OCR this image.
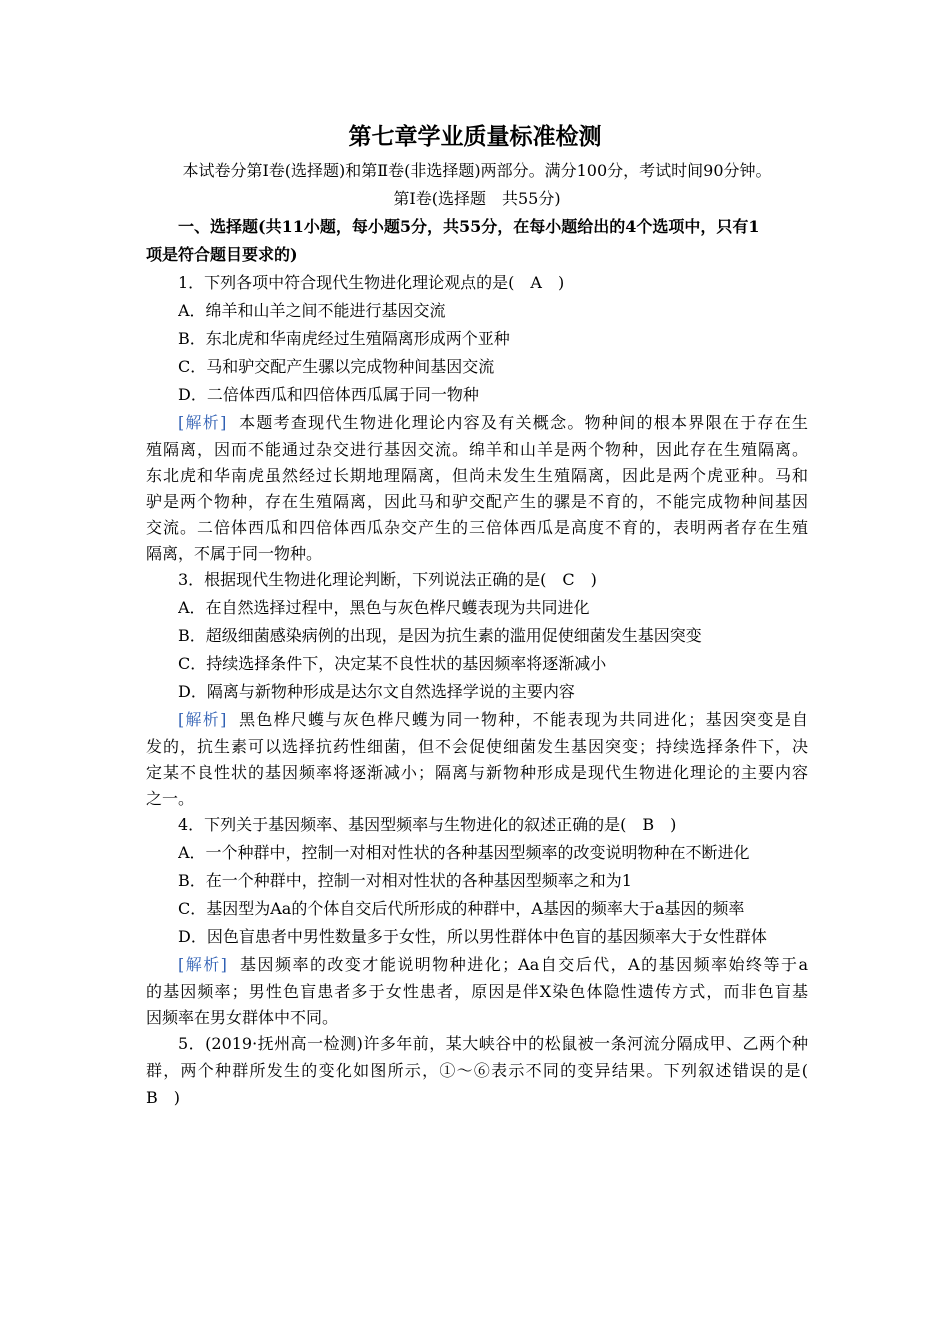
第七章学业质量标准检测
本试卷分第Ⅰ卷(选择题)和第Ⅱ卷(非选择题)两部分。满分100分，考试时间90分钟。
第Ⅰ卷(选择题　共55分)
一、选择题(共11小题，每小题5分，共55分，在每小题给出的4个选项中，只有1
项是符合题目要求的)
1．下列各项中符合现代生物进化理论观点的是(　A　)
A．绵羊和山羊之间不能进行基因交流
B．东北虎和华南虎经过生殖隔离形成两个亚种
C．马和驴交配产生骡以完成物种间基因交流
D．二倍体西瓜和四倍体西瓜属于同一物种
[解析] 本题考查现代生物进化理论内容及有关概念。物种间的根本界限在于存在生
殖隔离，因而不能通过杂交进行基因交流。绵羊和山羊是两个物种，因此存在生殖隔离。
东北虎和华南虎虽然经过长期地理隔离，但尚未发生生殖隔离，因此是两个虎亚种。马和
驴是两个物种，存在生殖隔离，因此马和驴交配产生的骡是不育的，不能完成物种间基因
交流。二倍体西瓜和四倍体西瓜杂交产生的三倍体西瓜是高度不育的，表明两者存在生殖
隔离，不属于同一物种。
3．根据现代生物进化理论判断，下列说法正确的是(　C　)
A．在自然选择过程中，黑色与灰色桦尺蠖表现为共同进化
B．超级细菌感染病例的出现，是因为抗生素的滥用促使细菌发生基因突变
C．持续选择条件下，决定某不良性状的基因频率将逐渐减小
D．隔离与新物种形成是达尔文自然选择学说的主要内容
[解析] 黑色桦尺蠖与灰色桦尺蠖为同一物种，不能表现为共同进化；基因突变是自
发的，抗生素可以选择抗药性细菌，但不会促使细菌发生基因突变；持续选择条件下，决
定某不良性状的基因频率将逐渐减小；隔离与新物种形成是现代生物进化理论的主要内容
之一。
4．下列关于基因频率、基因型频率与生物进化的叙述正确的是(　B　)
A．一个种群中，控制一对相对性状的各种基因型频率的改变说明物种在不断进化
B．在一个种群中，控制一对相对性状的各种基因型频率之和为1
C．基因型为Aa的个体自交后代所形成的种群中，A基因的频率大于a基因的频率
D．因色盲患者中男性数量多于女性，所以男性群体中色盲的基因频率大于女性群体
[解析] 基因频率的改变才能说明物种进化；Aa自交后代，A的基因频率始终等于a
的基因频率；男性色盲患者多于女性患者，原因是伴X染色体隐性遗传方式，而非色盲基
因频率在男女群体中不同。
5．(2019·抚州高一检测)许多年前，某大峡谷中的松鼠被一条河流分隔成甲、乙两个种
群，两个种群所发生的变化如图所示，①～⑥表示不同的变异结果。下列叙述错误的是(
B　)
